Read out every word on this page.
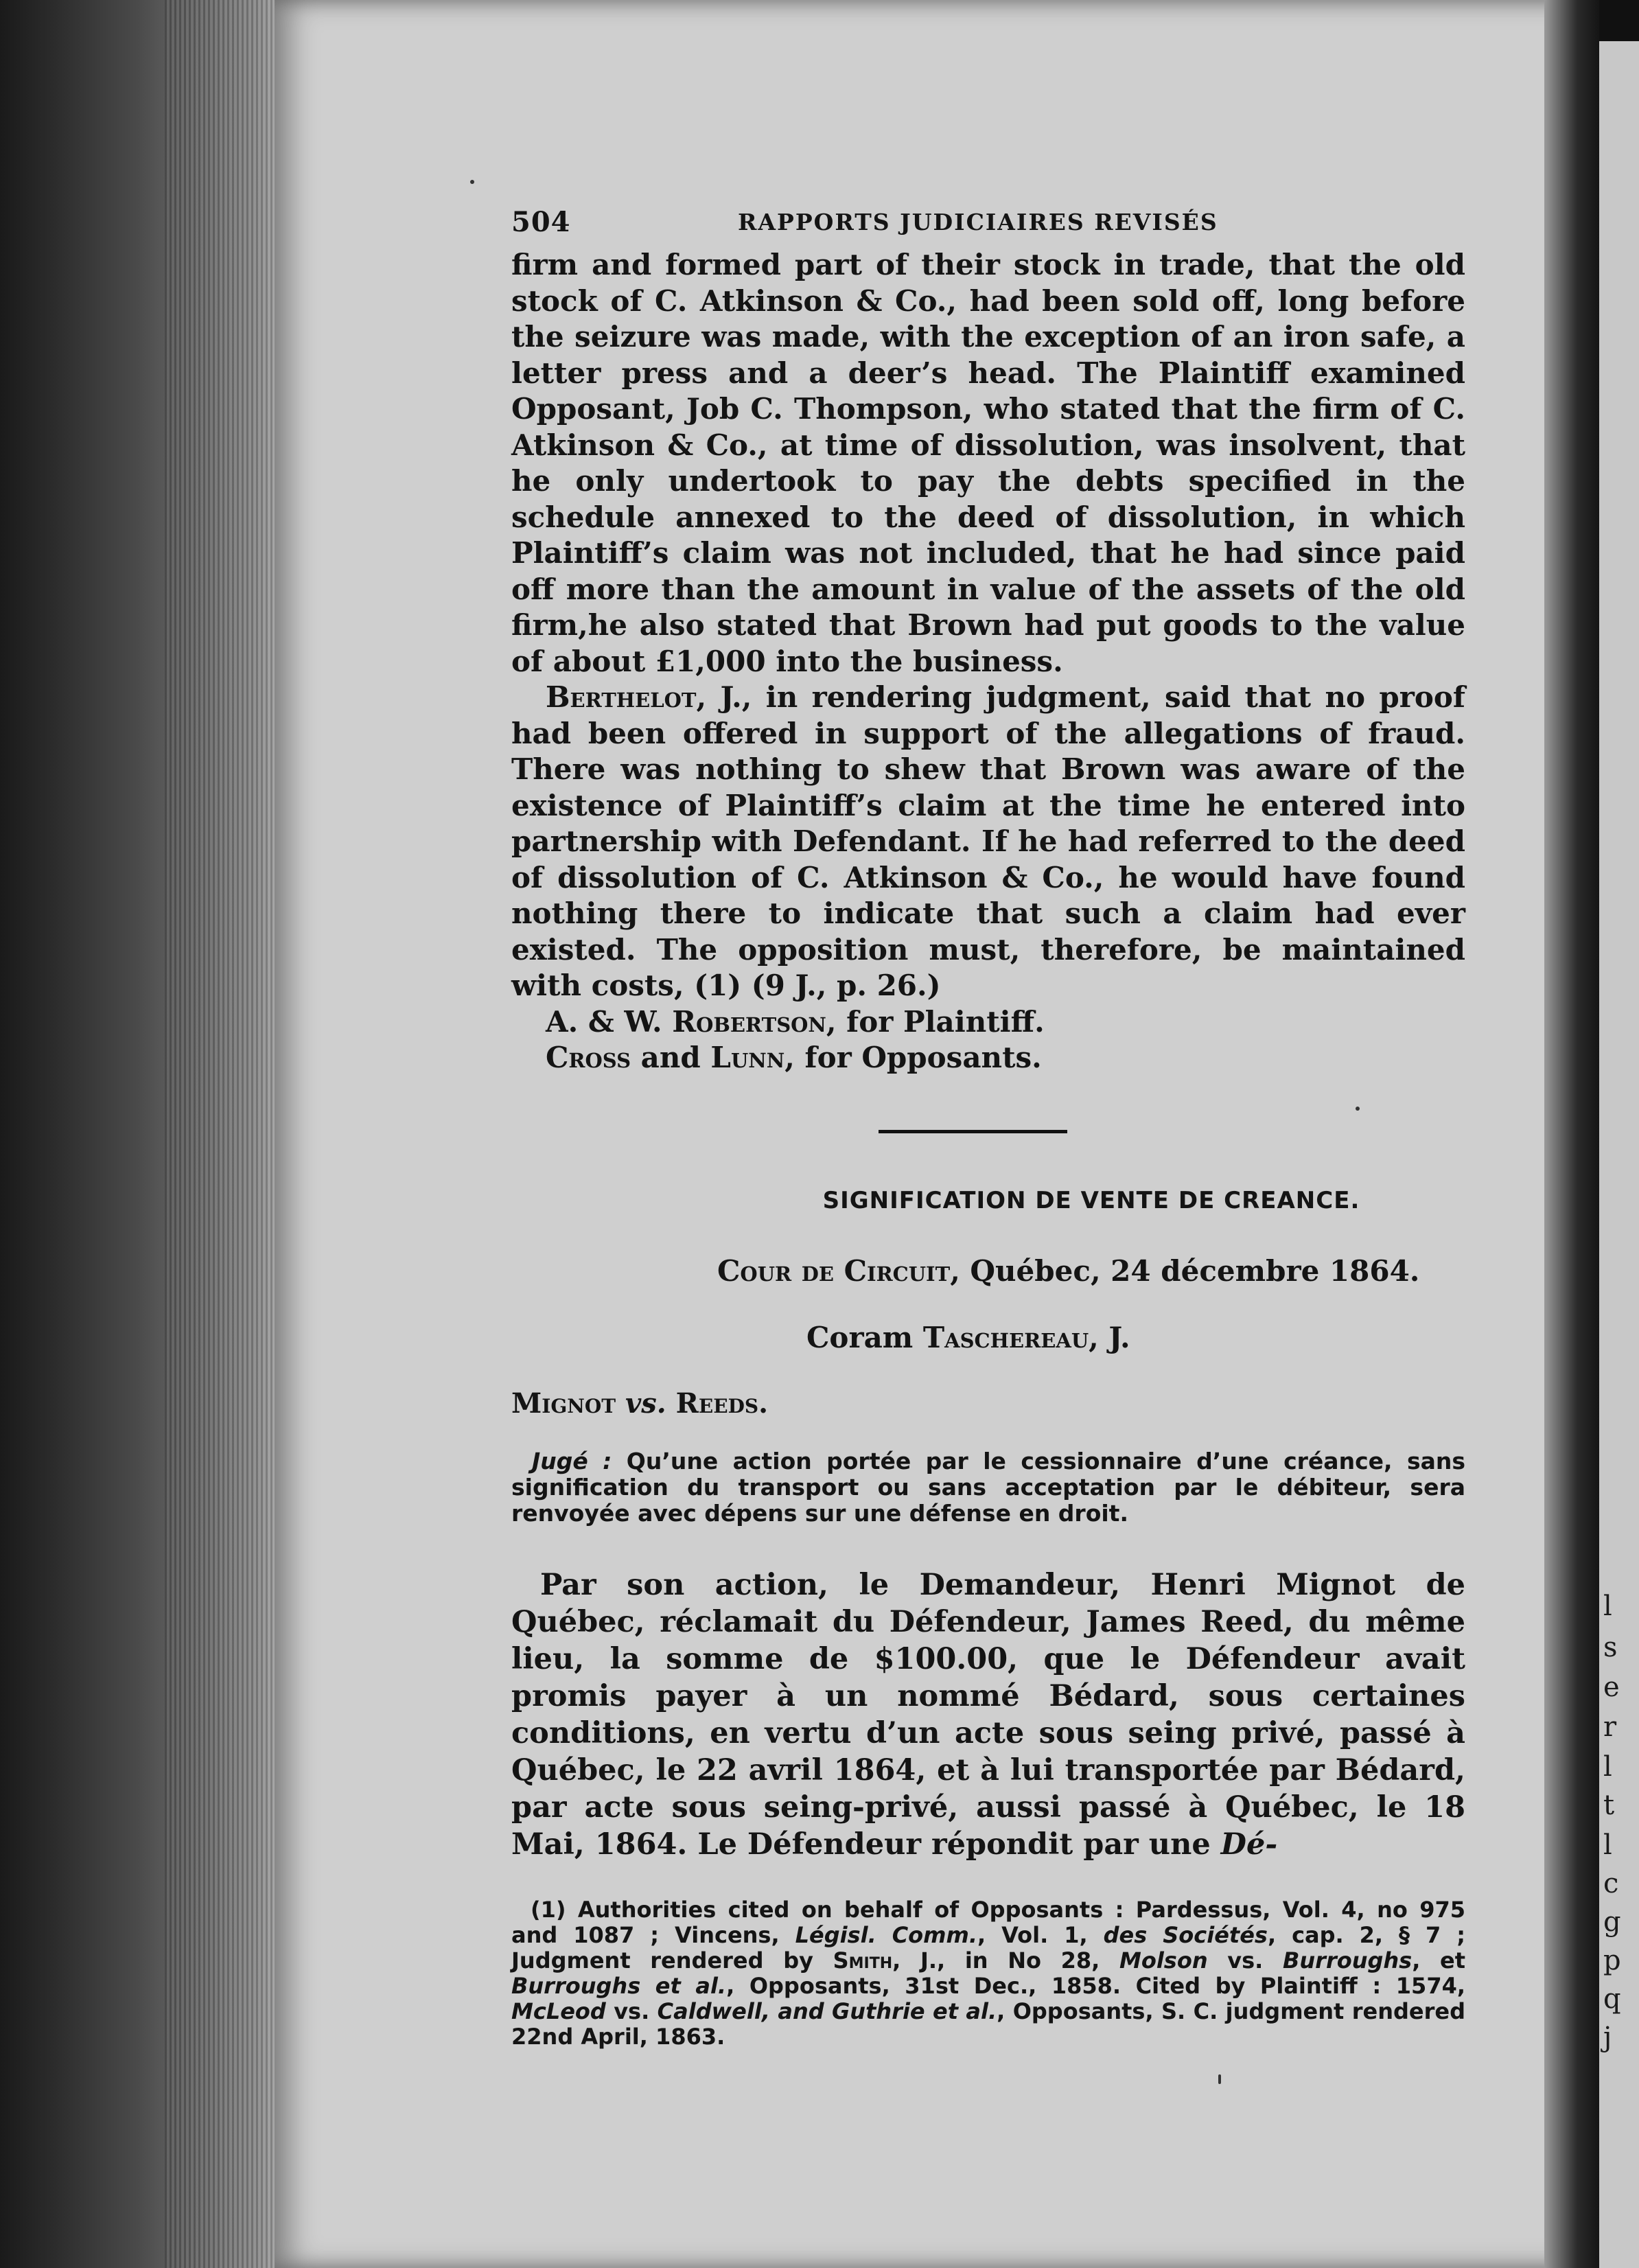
l
s
e
r
l
t
l
c
g
p
q
j
504	RAPPORTS JUDICIAIRES REVISÉS

firm and formed part of their stock in trade, that the old stock of C. Atkinson & Co., had been sold off, long before the seizure was made, with the exception of an iron safe, a letter press and a deer’s head. The Plaintiff examined Opposant, Job C. Thompson, who stated that the firm of C. Atkinson & Co., at time of dissolution, was insolvent, that he only undertook to pay the debts specified in the schedule annexed to the deed of dissolution, in which Plaintiff’s claim was not included, that he had since paid off more than the amount in value of the assets of the old firm,he also stated that Brown had put goods to the value of about £1,000 into the business.

Berthelot, J., in rendering judgment, said that no proof had been offered in support of the allegations of fraud. There was nothing to shew that Brown was aware of the existence of Plaintiff’s claim at the time he entered into partnership with Defendant. If he had referred to the deed of dissolution of C. Atkinson & Co., he would have found nothing there to indicate that such a claim had ever existed. The opposition must, therefore, be maintained with costs, (1) (9 J., p. 26.)

A. & W. Robertson, for Plaintiff.

Cross and Lunn, for Opposants.

SIGNIFICATION DE VENTE DE CREANCE.
Cour de Circuit, Québec, 24 décembre 1864.
Coram Taschereau, J.
Mignot vs. Reeds.
Jugé : Qu’une action portée par le cessionnaire d’une créance, sans signification du transport ou sans acceptation par le débiteur, sera renvoyée avec dépens sur une défense en droit.

Par son action, le Demandeur, Henri Mignot de Québec, réclamait du Défendeur, James Reed, du même lieu, la somme de $100.00, que le Défendeur avait promis payer à un nommé Bédard, sous certaines conditions, en vertu d’un acte sous seing privé, passé à Québec, le 22 avril 1864, et à lui transportée par Bédard, par acte sous seing-privé, aussi passé à Québec, le 18 Mai, 1864. Le Défendeur répondit par une Dé-

(1) Authorities cited on behalf of Opposants : Pardessus, Vol. 4, no 975 and 1087 ; Vincens, Législ. Comm., Vol. 1, des Sociétés, cap. 2, § 7 ; Judgment rendered by Smith, J., in No 28, Molson vs. Burroughs, et Burroughs et al., Opposants, 31st Dec., 1858. Cited by Plaintiff : 1574, McLeod vs. Caldwell, and Guthrie et al., Opposants, S. C. judgment rendered 22nd April, 1863.
